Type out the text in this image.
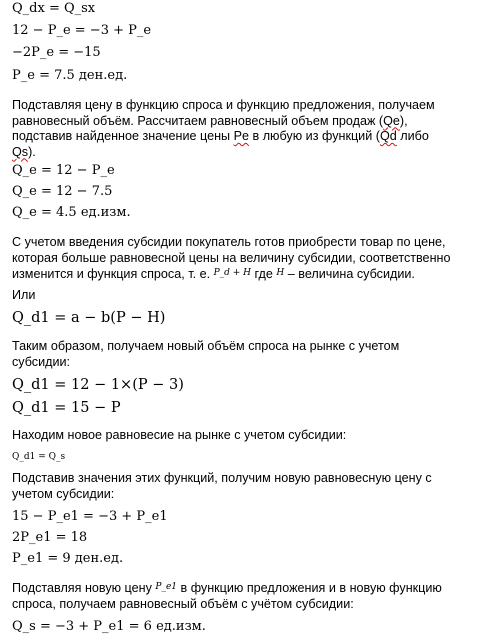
Q_dx = Q_sx
12 − P_e = −3 + P_e
−2P_e = −15
P_e = 7.5 ден.ед.
Подставляя цену в функцию спроса и функцию предложения, получаем
равновесный объём. Рассчитаем равновесный объем продаж (Qe),
подставив найденное значение цены Pe в любую из функций (Qd либо
Qs).
Q_e = 12 − P_e
Q_e = 12 − 7.5
Q_e = 4.5 ед.изм.
С учетом введения субсидии покупатель готов приобрести товар по цене,
которая больше равновесной цены на величину субсидии, соответственно
изменится и функция спроса, т. е. $^{P\_d + H}$ где $^H$ – величина субсидии.
Или
Q_d1 = a − b(P − H)
Таким образом, получаем новый объём спроса на рынке с учетом
субсидии:
Q_d1 = 12 − 1×(P − 3)
Q_d1 = 15 − P
Находим новое равновесие на рынке с учетом субсидии:
Q_d1 = Q_s
Подставив значения этих функций, получим новую равновесную цену с
учетом субсидии:
15 − P_e1 = −3 + P_e1
2P_e1 = 18
P_e1 = 9 ден.ед.
Подставляя новую цену $^{P\_e1}$ в функцию предложения и в новую функцию
спроса, получаем равновесный объём с учётом субсидии:
Q_s = −3 + P_e1 = 6 ед.изм.
